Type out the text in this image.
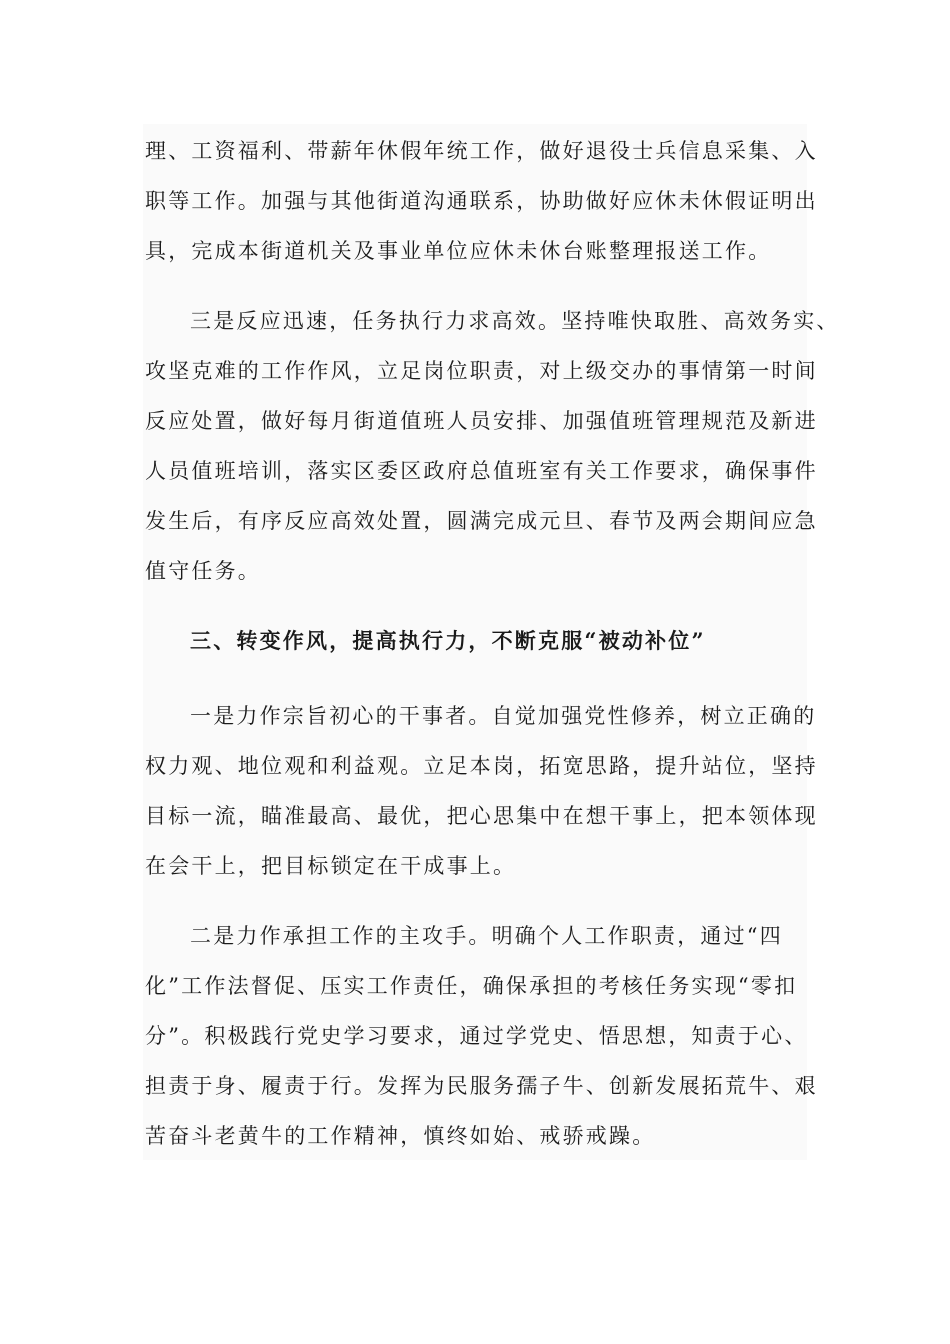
理、工资福利、带薪年休假年统工作，做好退役士兵信息采集、入
职等工作。加强与其他街道沟通联系，协助做好应休未休假证明出
具，完成本街道机关及事业单位应休未休台账整理报送工作。
三是反应迅速，任务执行力求高效。坚持唯快取胜、高效务实、
攻坚克难的工作作风，立足岗位职责，对上级交办的事情第一时间
反应处置，做好每月街道值班人员安排、加强值班管理规范及新进
人员值班培训，落实区委区政府总值班室有关工作要求，确保事件
发生后，有序反应高效处置，圆满完成元旦、春节及两会期间应急
值守任务。
三、转变作风，提高执行力，不断克服“被动补位”
一是力作宗旨初心的干事者。自觉加强党性修养，树立正确的
权力观、地位观和利益观。立足本岗，拓宽思路，提升站位，坚持
目标一流，瞄准最高、最优，把心思集中在想干事上，把本领体现
在会干上，把目标锁定在干成事上。
二是力作承担工作的主攻手。明确个人工作职责，通过“四
化”工作法督促、压实工作责任，确保承担的考核任务实现“零扣
分”。积极践行党史学习要求，通过学党史、悟思想，知责于心、
担责于身、履责于行。发挥为民服务孺子牛、创新发展拓荒牛、艰
苦奋斗老黄牛的工作精神，慎终如始、戒骄戒躁。
